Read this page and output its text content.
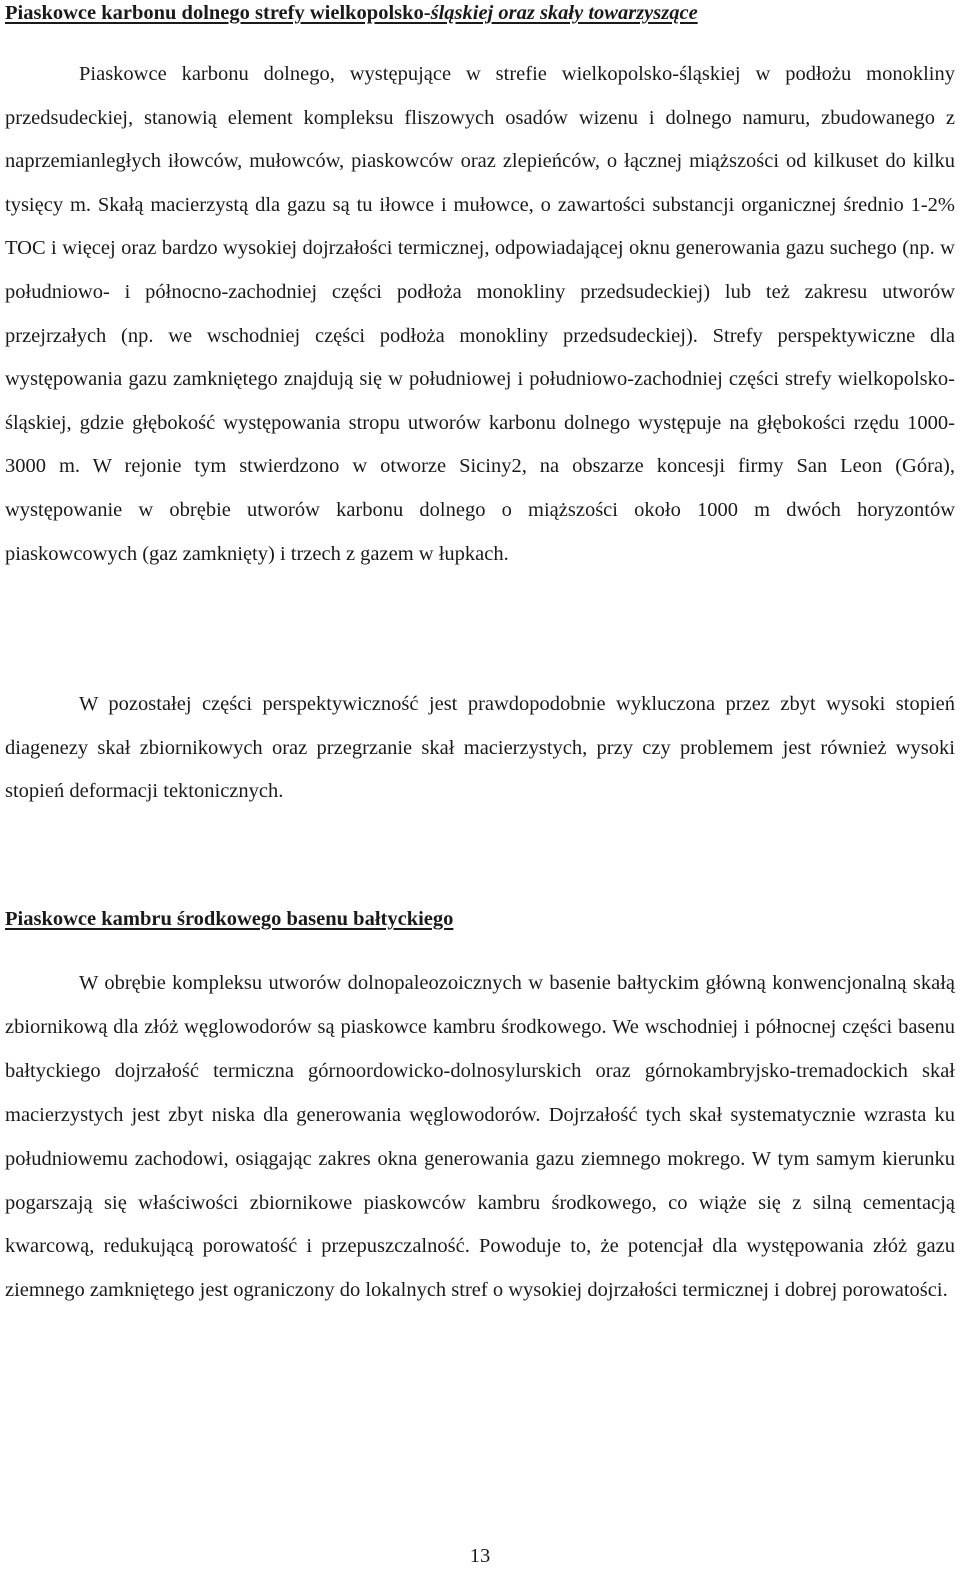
Piaskowce karbonu dolnego strefy wielkopolsko-śląskiej oraz skały towarzyszące

Piaskowce karbonu dolnego, występujące w strefie wielkopolsko-śląskiej w podłożu monokliny przedsudeckiej, stanowią element kompleksu fliszowych osadów wizenu i dolnego namuru, zbudowanego z naprzemianległych iłowców, mułowców, piaskowców oraz zlepieńców, o łącznej miąższości od kilkuset do kilku tysięcy m. Skałą macierzystą dla gazu są tu iłowce i mułowce, o zawartości substancji organicznej średnio 1-2% TOC i więcej oraz bardzo wysokiej dojrzałości termicznej, odpowiadającej oknu generowania gazu suchego (np. w południowo- i północno-zachodniej części podłoża monokliny przedsudeckiej) lub też zakresu utworów przejrzałych (np. we wschodniej części podłoża monokliny przedsudeckiej). Strefy perspektywiczne dla występowania gazu zamkniętego znajdują się w południowej i południowo-zachodniej części strefy wielkopolsko-śląskiej, gdzie głębokość występowania stropu utworów karbonu dolnego występuje na głębokości rzędu 1000-3000 m. W rejonie tym stwierdzono w otworze Siciny2, na obszarze koncesji firmy San Leon (Góra), występowanie w obrębie utworów karbonu dolnego o miąższości około 1000 m dwóch horyzontów piaskowcowych (gaz zamknięty) i trzech z gazem w łupkach.

W pozostałej części perspektywiczność jest prawdopodobnie wykluczona przez zbyt wysoki stopień diagenezy skał zbiornikowych oraz przegrzanie skał macierzystych, przy czy problemem jest również wysoki stopień deformacji tektonicznych.

Piaskowce kambru środkowego basenu bałtyckiego

W obrębie kompleksu utworów dolnopaleozoicznych w basenie bałtyckim główną konwencjonalną skałą zbiornikową dla złóż węglowodorów są piaskowce kambru środkowego. We wschodniej i północnej części basenu bałtyckiego dojrzałość termiczna górnoordowicko-dolnosylurskich oraz górnokambryjsko-tremadockich skał macierzystych jest zbyt niska dla generowania węglowodorów. Dojrzałość tych skał systematycznie wzrasta ku południowemu zachodowi, osiągając zakres okna generowania gazu ziemnego mokrego. W tym samym kierunku pogarszają się właściwości zbiornikowe piaskowców kambru środkowego, co wiąże się z silną cementacją kwarcową, redukującą porowatość i przepuszczalność. Powoduje to, że potencjał dla występowania złóż gazu ziemnego zamkniętego jest ograniczony do lokalnych stref o wysokiej dojrzałości termicznej i dobrej porowatości.

13
